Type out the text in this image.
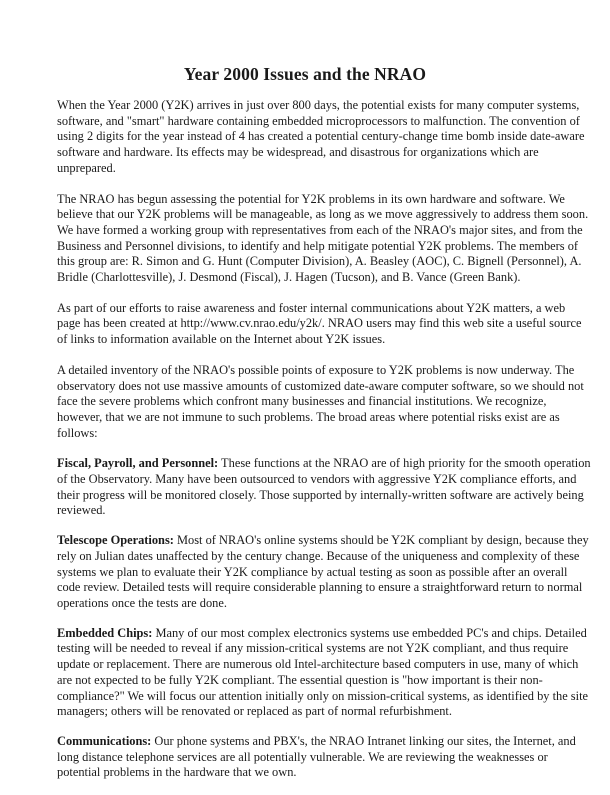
Year 2000 Issues and the NRAO

When the Year 2000 (Y2K) arrives in just over 800 days, the potential exists for many computer systems, software, and "smart" hardware containing embedded microprocessors to malfunction. The convention of using 2 digits for the year instead of 4 has created a potential century-change time bomb inside date-aware software and hardware. Its effects may be widespread, and disastrous for organizations which are unprepared.

The NRAO has begun assessing the potential for Y2K problems in its own hardware and software. We believe that our Y2K problems will be manageable, as long as we move aggressively to address them soon. We have formed a working group with representatives from each of the NRAO's major sites, and from the Business and Personnel divisions, to identify and help mitigate potential Y2K problems. The members of this group are: R. Simon and G. Hunt (Computer Division), A. Beasley (AOC), C. Bignell (Personnel), A. Bridle (Charlottesville), J. Desmond (Fiscal), J. Hagen (Tucson), and B. Vance (Green Bank).

As part of our efforts to raise awareness and foster internal communications about Y2K matters, a web page has been created at http://www.cv.nrao.edu/y2k/. NRAO users may find this web site a useful source of links to information available on the Internet about Y2K issues.

A detailed inventory of the NRAO's possible points of exposure to Y2K problems is now underway. The observatory does not use massive amounts of customized date-aware computer software, so we should not face the severe problems which confront many businesses and financial institutions. We recognize, however, that we are not immune to such problems. The broad areas where potential risks exist are as follows:

Fiscal, Payroll, and Personnel: These functions at the NRAO are of high priority for the smooth operation of the Observatory. Many have been outsourced to vendors with aggressive Y2K compliance efforts, and their progress will be monitored closely. Those supported by internally-written software are actively being reviewed.

Telescope Operations: Most of NRAO's online systems should be Y2K compliant by design, because they rely on Julian dates unaffected by the century change. Because of the uniqueness and complexity of these systems we plan to evaluate their Y2K compliance by actual testing as soon as possible after an overall code review. Detailed tests will require considerable planning to ensure a straightforward return to normal operations once the tests are done.

Embedded Chips: Many of our most complex electronics systems use embedded PC's and chips. Detailed testing will be needed to reveal if any mission-critical systems are not Y2K compliant, and thus require update or replacement. There are numerous old Intel-architecture based computers in use, many of which are not expected to be fully Y2K compliant. The essential question is "how important is their non-compliance?" We will focus our attention initially only on mission-critical systems, as identified by the site managers; others will be renovated or replaced as part of normal refurbishment.

Communications: Our phone systems and PBX's, the NRAO Intranet linking our sites, the Internet, and long distance telephone services are all potentially vulnerable. We are reviewing the weaknesses or potential problems in the hardware that we own.
